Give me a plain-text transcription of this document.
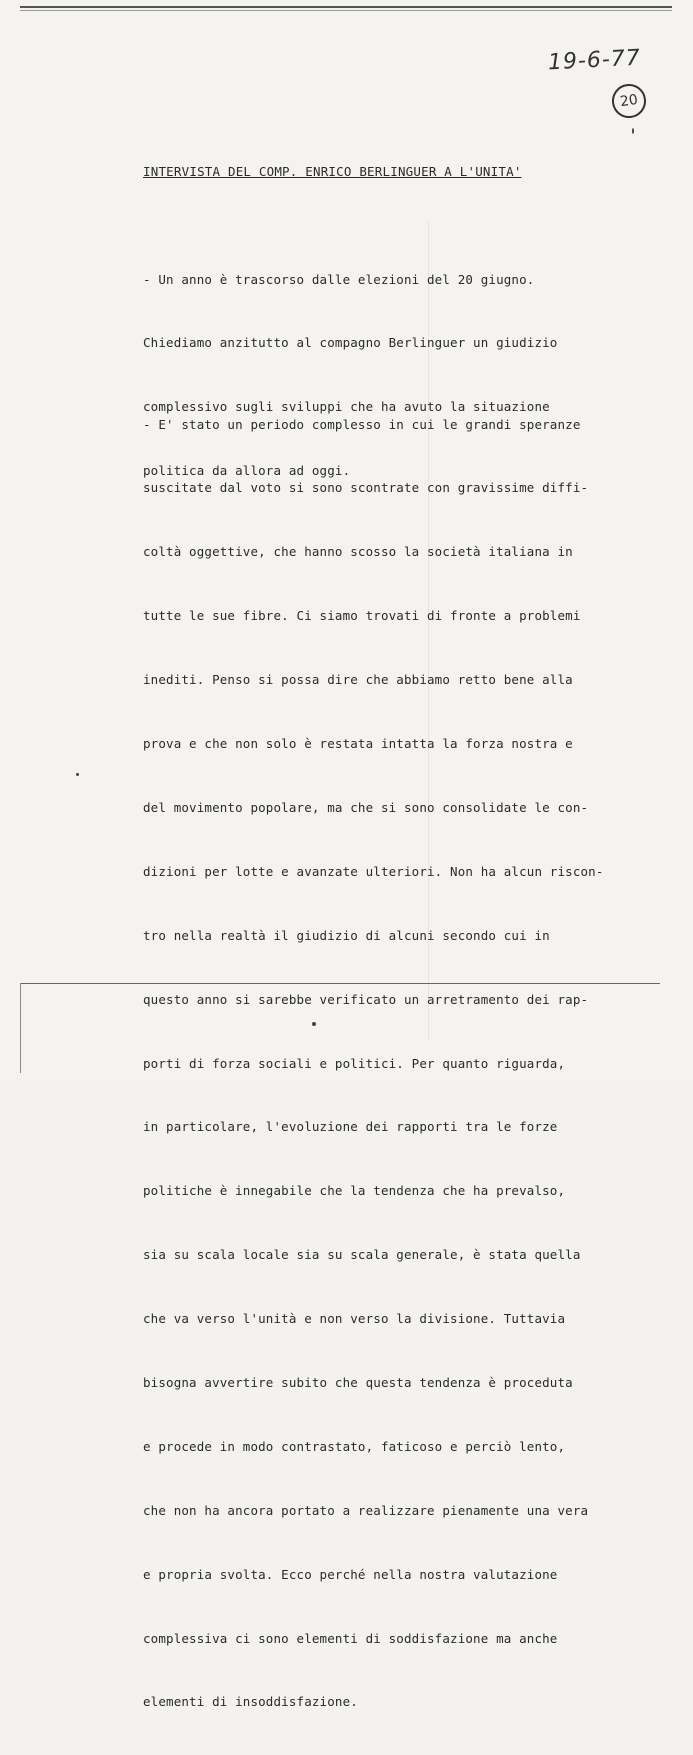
19-6-77
20
INTERVISTA DEL COMP. ENRICO BERLINGUER A L'UNITA'

- Un anno è trascorso dalle elezioni del 20 giugno.

Chiediamo anzitutto al compagno Berlinguer un giudizio

complessivo sugli sviluppi che ha avuto la situazione

politica da allora ad oggi.

- E' stato un periodo complesso in cui le grandi speranze

suscitate dal voto si sono scontrate con gravissime diffi-

coltà oggettive, che hanno scosso la società italiana in

tutte le sue fibre. Ci siamo trovati di fronte a problemi

inediti. Penso si possa dire che abbiamo retto bene alla

prova e che non solo è restata intatta la forza nostra e

del movimento popolare, ma che si sono consolidate le con-

dizioni per lotte e avanzate ulteriori. Non ha alcun riscon-

tro nella realtà il giudizio di alcuni secondo cui in

questo anno si sarebbe verificato un arretramento dei rap-

porti di forza sociali e politici. Per quanto riguarda,

in particolare, l'evoluzione dei rapporti tra le forze

politiche è innegabile che la tendenza che ha prevalso,

sia su scala locale sia su scala generale, è stata quella

che va verso l'unità e non verso la divisione. Tuttavia

bisogna avvertire subito che questa tendenza è proceduta

e procede in modo contrastato, faticoso e perciò lento,

che non ha ancora portato a realizzare pienamente una vera

e propria svolta. Ecco perché nella nostra valutazione

complessiva ci sono elementi di soddisfazione ma anche

elementi di insoddisfazione.
